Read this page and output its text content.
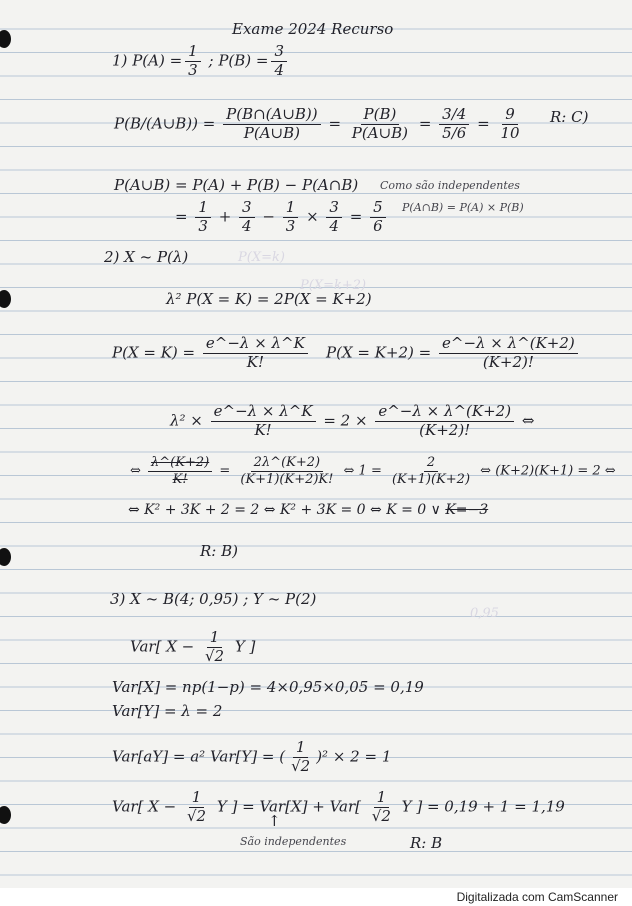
P(X=k)
P(X=k+2)
0,95
Exame 2024 Recurso
1) $P(A) = \frac{1}{3}$ ; $P(B) = \frac{3}{4}$
P(B/(A∪B)) = $\frac{P(B\cap(A\cup B))}{P(A\cup B)} = \frac{P(B)}{P(A\cup B)} = \frac{3/4}{5/6} = \frac{9}{10} R$: C)
P(A∪B) = P(A) + P(B) − P(A∩B) Como são independentes
P(A∩B) = P(A) × P(B)
= $\frac{1}{3} + \frac{3}{4} - \frac{1}{3} \times \frac{3}{4} = \frac{5}{6}$
2) X ~ P(λ)
λ² P(X = K) = 2P(X = K+2)
$P(X = K) = \frac{e\^{}-\lambda \times \lambda\^{}K}{K!} P(X = K+2) = \frac{e\^{}-\lambda \times \lambda\^{}(K+2)}{(K+2)!}$
$\lambda^2 \times \frac{e\^{}-\lambda \times \lambda\^{}K}{K!} = 2 \times \frac{e\^{}-\lambda \times \lambda\^{}(K+2)}{(K+2)!}$ ⇔
⇔ $\frac{\lambda\^{}(K+2)}{K!} = \frac{2\lambda\^{}(K+2)}{(K+1)(K+2)K!}$ ⇔ $1 = \frac{2}{(K+1)(K+2)}$ ⇔ (K+2)(K+1) = 2 ⇔
⇔ K² + 3K + 2 = 2 ⇔ K² + 3K = 0 ⇔ K = 0 ∨ K=−3
R: B)
3) X ~ B(4; 0,95) ; Y ~ P(2)
Var[ $X - \frac{1}{√2}$ Y ]
Var[X] = np(1−p) = 4×0,95×0,05 = 0,19
Var[Y] = λ = 2
Var[aY] = a² Var[Y] = ( $\frac{1}{√2} )^2 \times 2 = 1$
Var[ $X - \frac{1}{√2}$ Y ] = $Var[X] + Var[ \frac{1}{√2}$ Y ] = 0,19 + 1 = 1,19
↑
São independentes	R: B
Digitalizada com CamScanner
